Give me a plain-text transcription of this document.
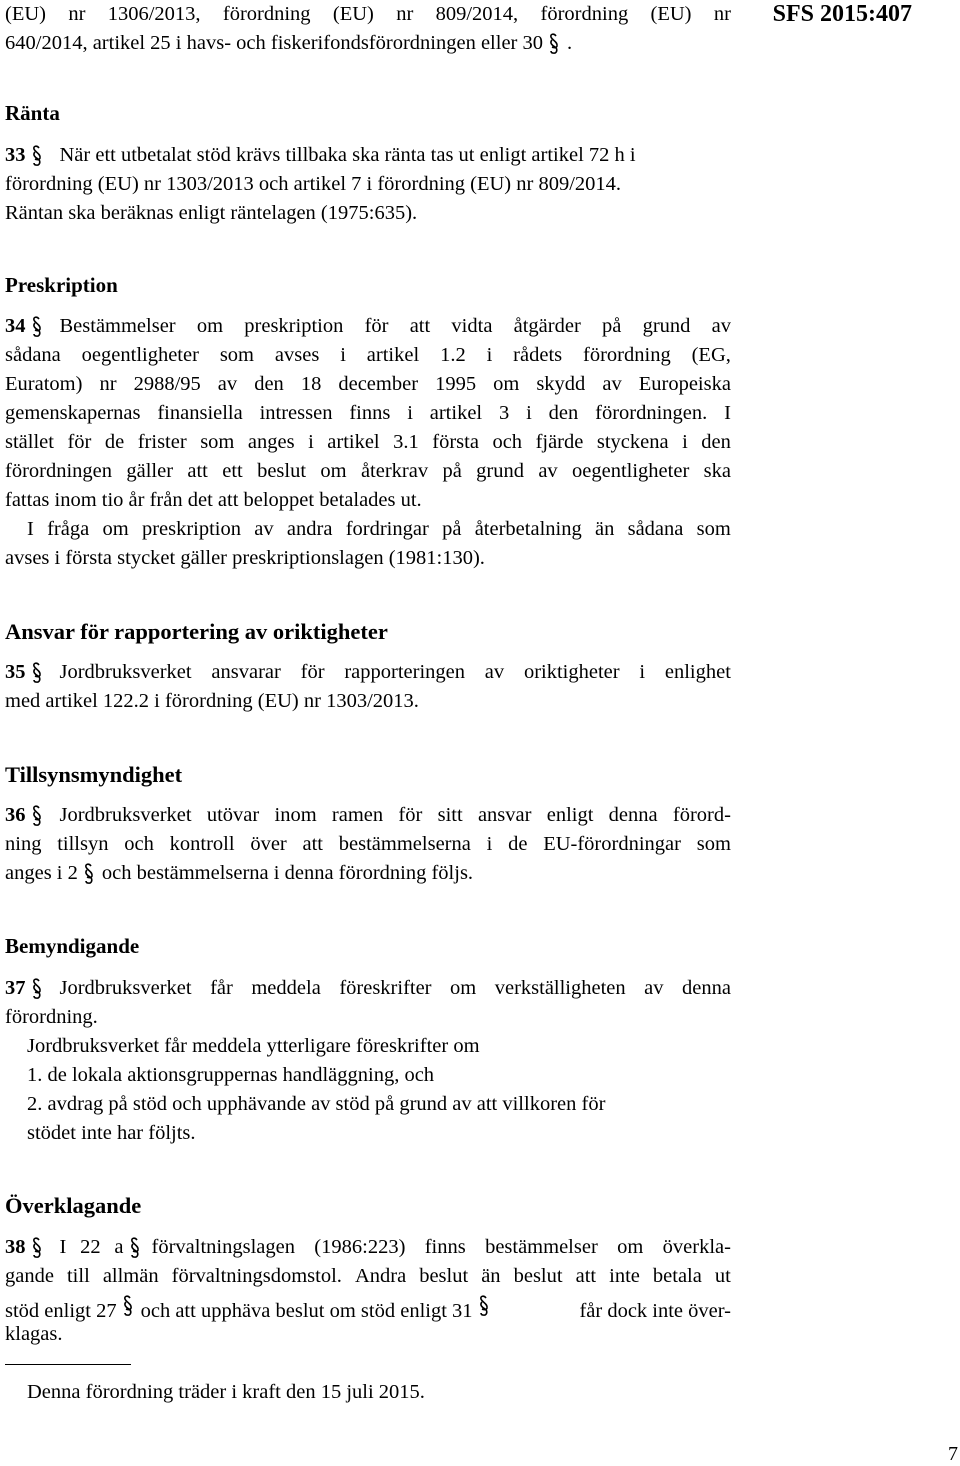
(EU) nr 1306/2013, förordning (EU) nr 809/2014, förordning (EU) nr
640/2014, artikel 25 i havs- och fiskerifondsförordningen eller 30 .
SFS 2015:407
Ränta
33 När ett utbetalat stöd krävs tillbaka ska ränta tas ut enligt artikel 72 h i
förordning (EU) nr 1303/2013 och artikel 7 i förordning (EU) nr 809/2014.
Räntan ska beräknas enligt räntelagen (1975:635).
Preskription
34 Bestämmelser om preskription för att vidta åtgärder på grund av
sådana oegentligheter som avses i artikel 1.2 i rådets förordning (EG,
Euratom) nr 2988/95 av den 18 december 1995 om skydd av Europeiska
gemenskapernas finansiella intressen finns i artikel 3 i den förordningen. I
stället för de frister som anges i artikel 3.1 första och fjärde styckena i den
förordningen gäller att ett beslut om återkrav på grund av oegentligheter ska
fattas inom tio år från det att beloppet betalades ut.
I fråga om preskription av andra fordringar på återbetalning än sådana som
avses i första stycket gäller preskriptionslagen (1981:130).
Ansvar för rapportering av oriktigheter
35 Jordbruksverket ansvarar för rapporteringen av oriktigheter i enlighet
med artikel 122.2 i förordning (EU) nr 1303/2013.
Tillsynsmyndighet
36 Jordbruksverket utövar inom ramen för sitt ansvar enligt denna förord-
ning tillsyn och kontroll över att bestämmelserna i de EU-förordningar som
anges i 2 och bestämmelserna i denna förordning följs.
Bemyndigande
37 Jordbruksverket får meddela föreskrifter om verkställigheten av denna
förordning.
Jordbruksverket får meddela ytterligare föreskrifter om
1. de lokala aktionsgruppernas handläggning, och
2. avdrag på stöd och upphävande av stöd på grund av att villkoren för
stödet inte har följts.
Överklagande
38 I 22 a förvaltningslagen (1986:223) finns bestämmelser om överkla-
gande till allmän förvaltningsdomstol. Andra beslut än beslut att inte betala ut
stöd enligt 27 och att upphäva beslut om stöd enligt 31	får dock inte över-
klagas.
Denna förordning träder i kraft den 15 juli 2015.
7
